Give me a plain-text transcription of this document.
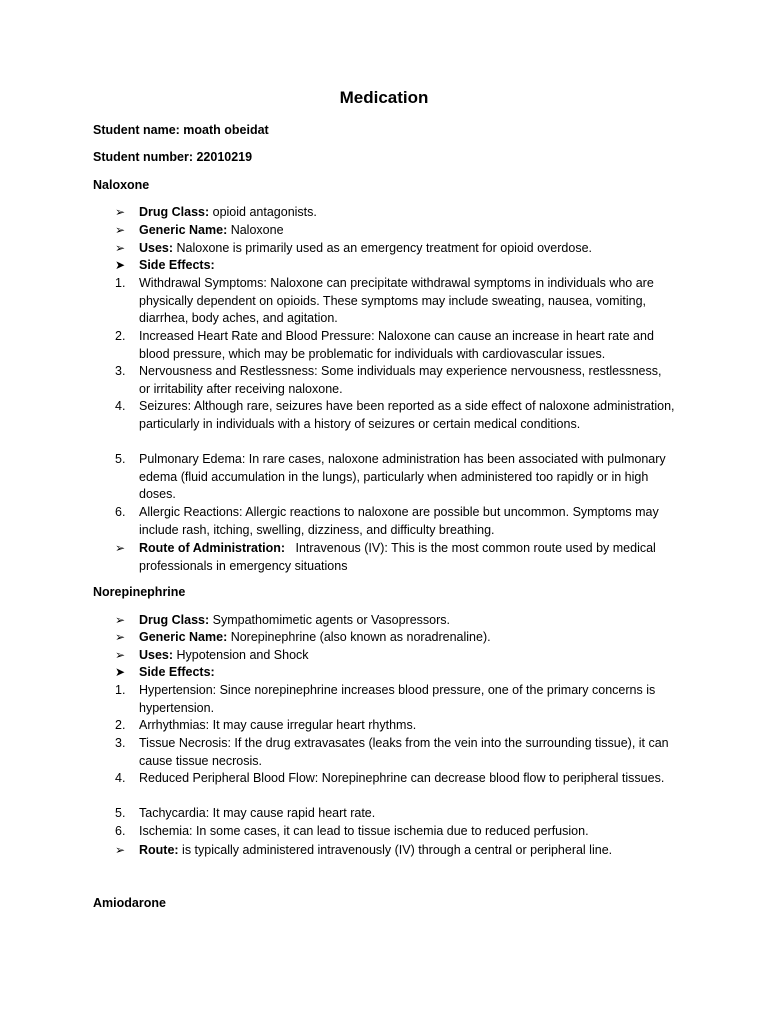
Medication
Student name: moath obeidat
Student number: 22010219
Naloxone
➢	Drug Class: opioid antagonists.
➢	Generic Name: Naloxone
➢	Uses: Naloxone is primarily used as an emergency treatment for opioid overdose.
➤	Side Effects:
1.	Withdrawal Symptoms: Naloxone can precipitate withdrawal symptoms in individuals who are physically dependent on opioids. These symptoms may include sweating, nausea, vomiting, diarrhea, body aches, and agitation.
2.	Increased Heart Rate and Blood Pressure: Naloxone can cause an increase in heart rate and blood pressure, which may be problematic for individuals with cardiovascular issues.
3.	Nervousness and Restlessness: Some individuals may experience nervousness, restlessness, or irritability after receiving naloxone.
4.	Seizures: Although rare, seizures have been reported as a side effect of naloxone administration, particularly in individuals with a history of seizures or certain medical conditions.
5.	Pulmonary Edema: In rare cases, naloxone administration has been associated with pulmonary edema (fluid accumulation in the lungs), particularly when administered too rapidly or in high doses.
6.	Allergic Reactions: Allergic reactions to naloxone are possible but uncommon. Symptoms may include rash, itching, swelling, dizziness, and difficulty breathing.
➢	Route of Administration:   Intravenous (IV): This is the most common route used by medical professionals in emergency situations
Norepinephrine
➢	Drug Class: Sympathomimetic agents or Vasopressors.
➢	Generic Name: Norepinephrine (also known as noradrenaline).
➢	Uses: Hypotension and Shock
➤	Side Effects:
1.	Hypertension: Since norepinephrine increases blood pressure, one of the primary concerns is hypertension.
2.	Arrhythmias: It may cause irregular heart rhythms.
3.	Tissue Necrosis: If the drug extravasates (leaks from the vein into the surrounding tissue), it can cause tissue necrosis.
4.	Reduced Peripheral Blood Flow: Norepinephrine can decrease blood flow to peripheral tissues.
5.	Tachycardia: It may cause rapid heart rate.
6.	Ischemia: In some cases, it can lead to tissue ischemia due to reduced perfusion.
➢	Route: is typically administered intravenously (IV) through a central or peripheral line.
Amiodarone
